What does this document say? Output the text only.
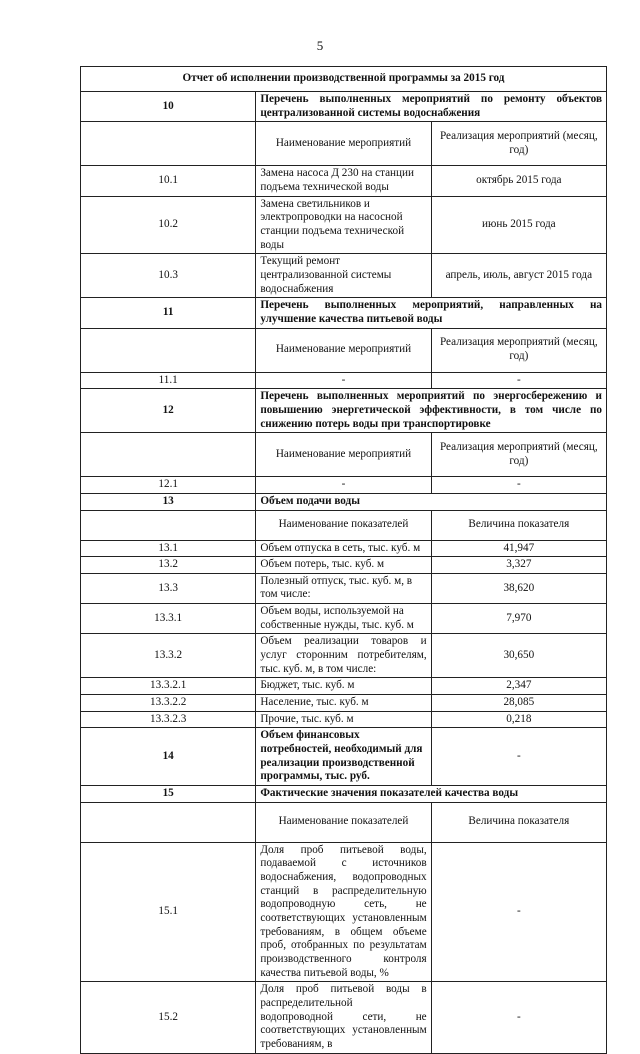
5
Отчет об исполнении производственной программы за 2015 год		
10	Перечень выполненных мероприятий по ремонту объектов централизованной системы водоснабжения	
	Наименование мероприятий	Реализация мероприятий (месяц, год)
10.1	Замена насоса Д 230 на станции подъема технической воды	октябрь 2015 года
10.2	Замена светильников и электропроводки на насосной станции подъема технической воды	июнь 2015 года
10.3	Текущий ремонт централизованной системы водоснабжения	апрель, июль, август 2015 года
11	Перечень выполненных мероприятий, направленных на улучшение качества питьевой воды	
	Наименование мероприятий	Реализация мероприятий (месяц, год)
11.1	-	-
12	Перечень выполненных мероприятий по энергосбережению и повышению энергетической эффективности, в том числе по снижению потерь воды при транспортировке	
	Наименование мероприятий	Реализация мероприятий (месяц, год)
12.1	-	-
13	Объем подачи воды	
	Наименование показателей	Величина показателя
13.1	Объем отпуска в сеть, тыс. куб. м	41,947
13.2	Объем потерь, тыс. куб. м	3,327
13.3	Полезный отпуск, тыс. куб. м, в том числе:	38,620
13.3.1	Объем воды, используемой на собственные нужды, тыс. куб. м	7,970
13.3.2	Объем реализации товаров и услуг сторонним потребителям, тыс. куб. м, в том числе:	30,650
13.3.2.1	Бюджет, тыс. куб. м	2,347
13.3.2.2	Население, тыс. куб. м	28,085
13.3.2.3	Прочие, тыс. куб. м	0,218
14	Объем финансовых потребностей, необходимый для реализации производственной программы, тыс. руб.	-
15	Фактические значения показателей качества воды	
	Наименование показателей	Величина показателя
15.1	Доля проб питьевой воды, подаваемой с источников водоснабжения, водопроводных станций в распределительную водопроводную сеть, не соответствующих установленным требованиям, в общем объеме проб, отобранных по результатам производственного контроля качества питьевой воды, %	-
15.2	Доля проб питьевой воды в распределительной водопроводной сети, не соответствующих установленным требованиям, в	-
